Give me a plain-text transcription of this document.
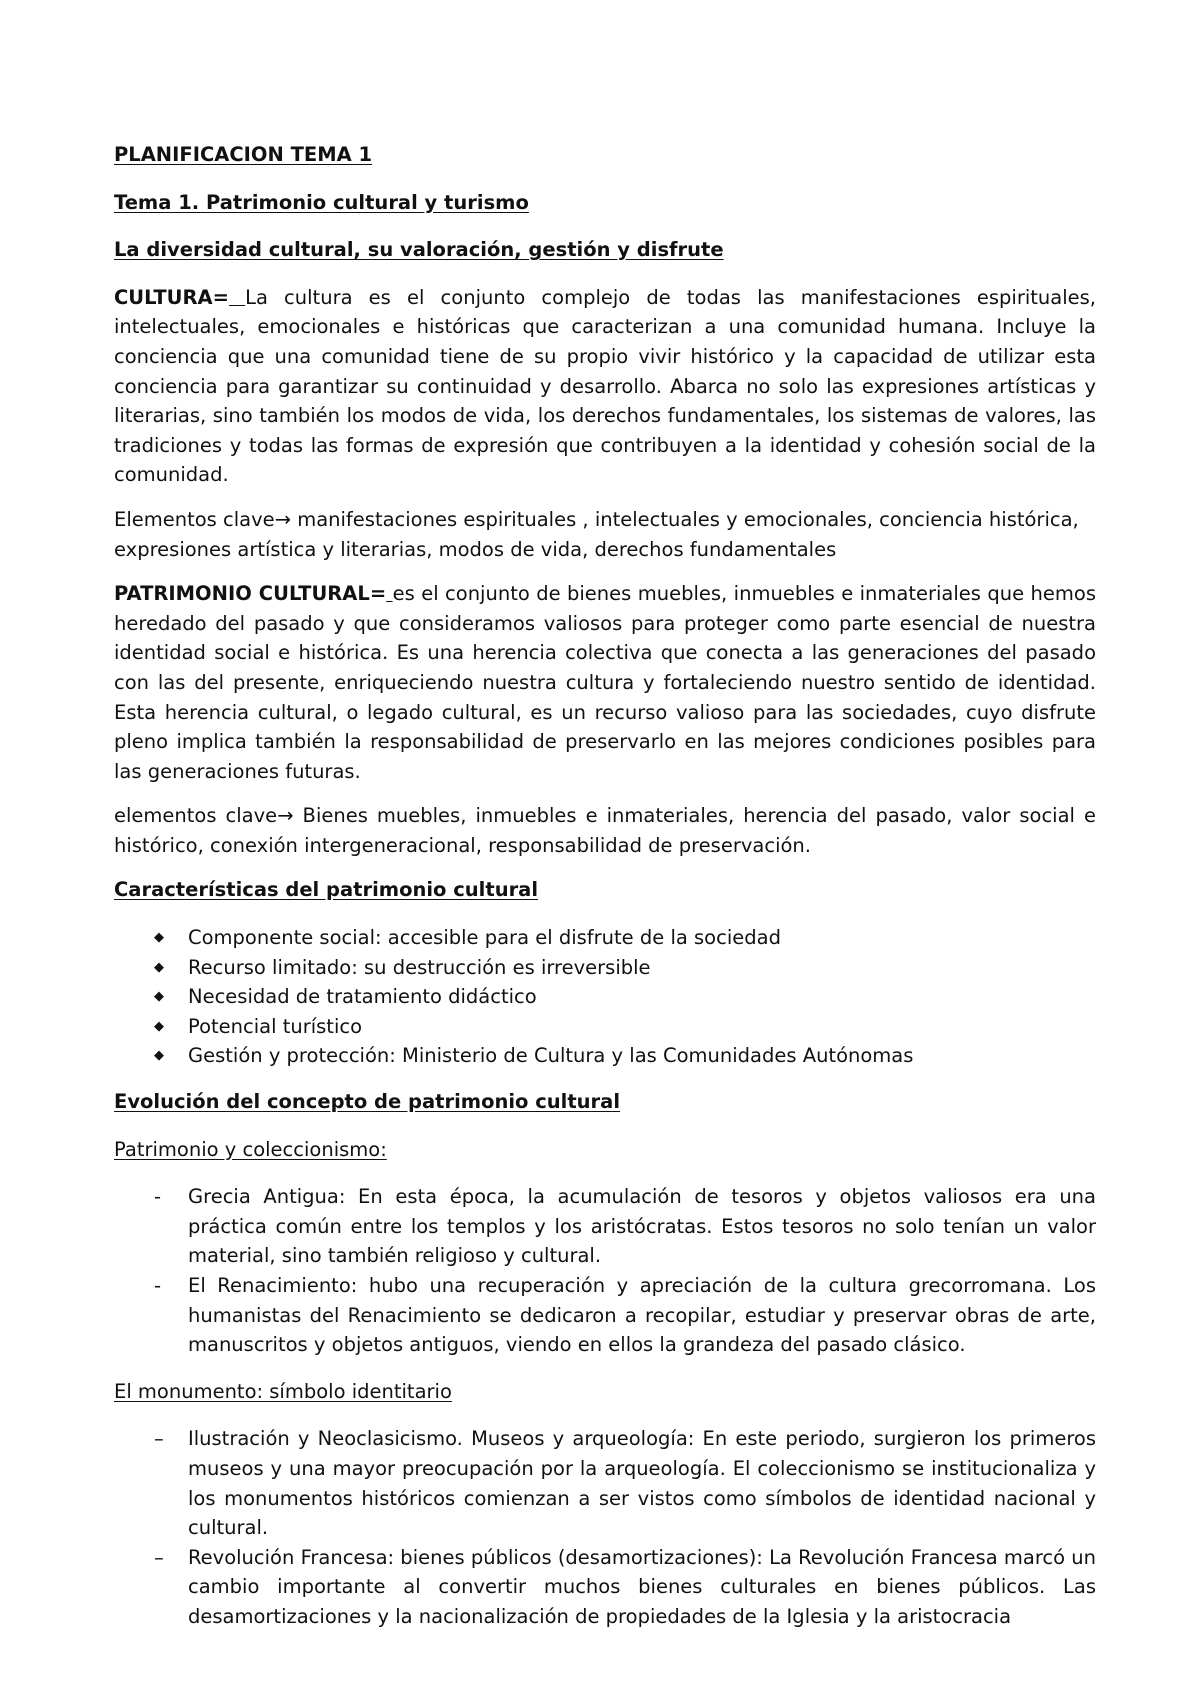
PLANIFICACION TEMA 1
Tema 1. Patrimonio cultural y turismo
La diversidad cultural, su valoración, gestión y disfrute

CULTURA= La cultura es el conjunto complejo de todas las manifestaciones espirituales, intelectuales, emocionales e históricas que caracterizan a una comunidad humana. Incluye la conciencia que una comunidad tiene de su propio vivir histórico y la capacidad de utilizar esta conciencia para garantizar su continuidad y desarrollo. Abarca no solo las expresiones artísticas y literarias, sino también los modos de vida, los derechos fundamentales, los sistemas de valores, las tradiciones y todas las formas de expresión que contribuyen a la identidad y cohesión social de la comunidad.

Elementos clave→ manifestaciones espirituales , intelectuales y emocionales, conciencia histórica, expresiones artística y literarias, modos de vida, derechos fundamentales

PATRIMONIO CULTURAL= es el conjunto de bienes muebles, inmuebles e inmateriales que hemos heredado del pasado y que consideramos valiosos para proteger como parte esencial de nuestra identidad social e histórica. Es una herencia colectiva que conecta a las generaciones del pasado con las del presente, enriqueciendo nuestra cultura y fortaleciendo nuestro sentido de identidad. Esta herencia cultural, o legado cultural, es un recurso valioso para las sociedades, cuyo disfrute pleno implica también la responsabilidad de preservarlo en las mejores condiciones posibles para las generaciones futuras.

elementos clave→ Bienes muebles, inmuebles e inmateriales, herencia del pasado, valor social e histórico, conexión intergeneracional, responsabilidad de preservación.

Características del patrimonio cultural
◆ Componente social: accesible para el disfrute de la sociedad
◆ Recurso limitado: su destrucción es irreversible
◆ Necesidad de tratamiento didáctico
◆ Potencial turístico
◆ Gestión y protección: Ministerio de Cultura y las Comunidades Autónomas
Evolución del concepto de patrimonio cultural
Patrimonio y coleccionismo:
- Grecia Antigua: En esta época, la acumulación de tesoros y objetos valiosos era una práctica común entre los templos y los aristócratas. Estos tesoros no solo tenían un valor material, sino también religioso y cultural.
- El Renacimiento: hubo una recuperación y apreciación de la cultura grecorromana. Los humanistas del Renacimiento se dedicaron a recopilar, estudiar y preservar obras de arte, manuscritos y objetos antiguos, viendo en ellos la grandeza del pasado clásico.
El monumento: símbolo identitario
– Ilustración y Neoclasicismo. Museos y arqueología: En este periodo, surgieron los primeros museos y una mayor preocupación por la arqueología. El coleccionismo se institucionaliza y los monumentos históricos comienzan a ser vistos como símbolos de identidad nacional y cultural.
– Revolución Francesa: bienes públicos (desamortizaciones): La Revolución Francesa marcó un cambio importante al convertir muchos bienes culturales en bienes públicos. Las desamortizaciones y la nacionalización de propiedades de la Iglesia y la aristocracia
